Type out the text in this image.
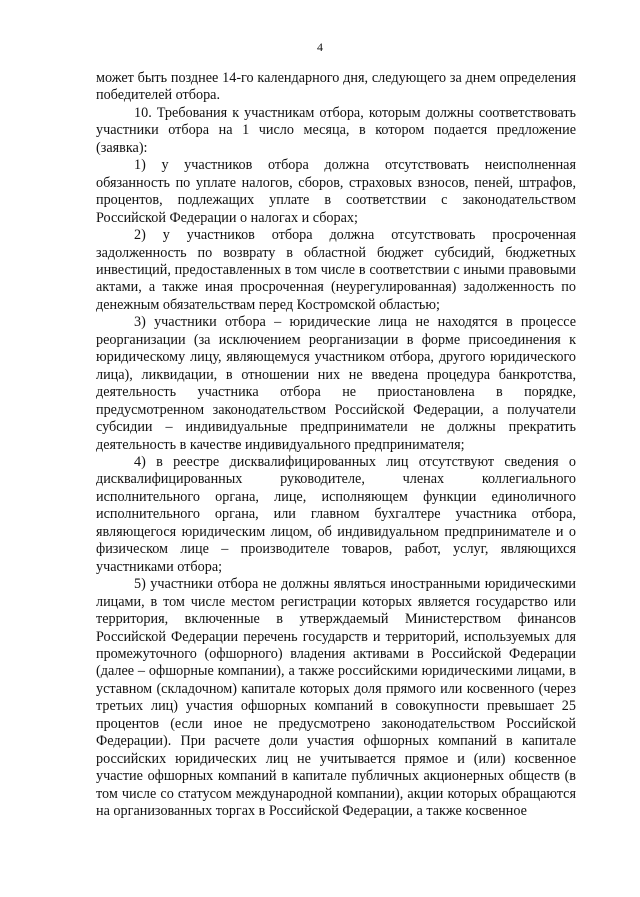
4

может быть позднее 14-го календарного дня, следующего за днем определения победителей отбора.

10. Требования к участникам отбора, которым должны соответствовать участники отбора на 1 число месяца, в котором подается предложение (заявка):

1) у участников отбора должна отсутствовать неисполненная обязанность по уплате налогов, сборов, страховых взносов, пеней, штрафов, процентов, подлежащих уплате в соответствии с законодательством Российской Федерации о налогах и сборах;

2) у участников отбора должна отсутствовать просроченная задолженность по возврату в областной бюджет субсидий, бюджетных инвестиций, предоставленных в том числе в соответствии с иными правовыми актами, а также иная просроченная (неурегулированная) задолженность по денежным обязательствам перед Костромской областью;

3) участники отбора – юридические лица не находятся в процессе реорганизации (за исключением реорганизации в форме присоединения к юридическому лицу, являющемуся участником отбора, другого юридического лица), ликвидации, в отношении них не введена процедура банкротства, деятельность участника отбора не приостановлена в порядке, предусмотренном законодательством Российской Федерации, а получатели субсидии – индивидуальные предприниматели не должны прекратить деятельность в качестве индивидуального предпринимателя;

4) в реестре дисквалифицированных лиц отсутствуют сведения о дисквалифицированных руководителе, членах коллегиального исполнительного органа, лице, исполняющем функции единоличного исполнительного органа, или главном бухгалтере участника отбора, являющегося юридическим лицом, об индивидуальном предпринимателе и о физическом лице – производителе товаров, работ, услуг, являющихся участниками отбора;

5) участники отбора не должны являться иностранными юридическими лицами, в том числе местом регистрации которых является государство или территория, включенные в утверждаемый Министерством финансов Российской Федерации перечень государств и территорий, используемых для промежуточного (офшорного) владения активами в Российской Федерации (далее – офшорные компании), а также российскими юридическими лицами, в уставном (складочном) капитале которых доля прямого или косвенного (через третьих лиц) участия офшорных компаний в совокупности превышает 25 процентов (если иное не предусмотрено законодательством Российской Федерации). При расчете доли участия офшорных компаний в капитале российских юридических лиц не учитывается прямое и (или) косвенное участие офшорных компаний в капитале публичных акционерных обществ (в том числе со статусом международной компании), акции которых обращаются на организованных торгах в Российской Федерации, а также косвенное
